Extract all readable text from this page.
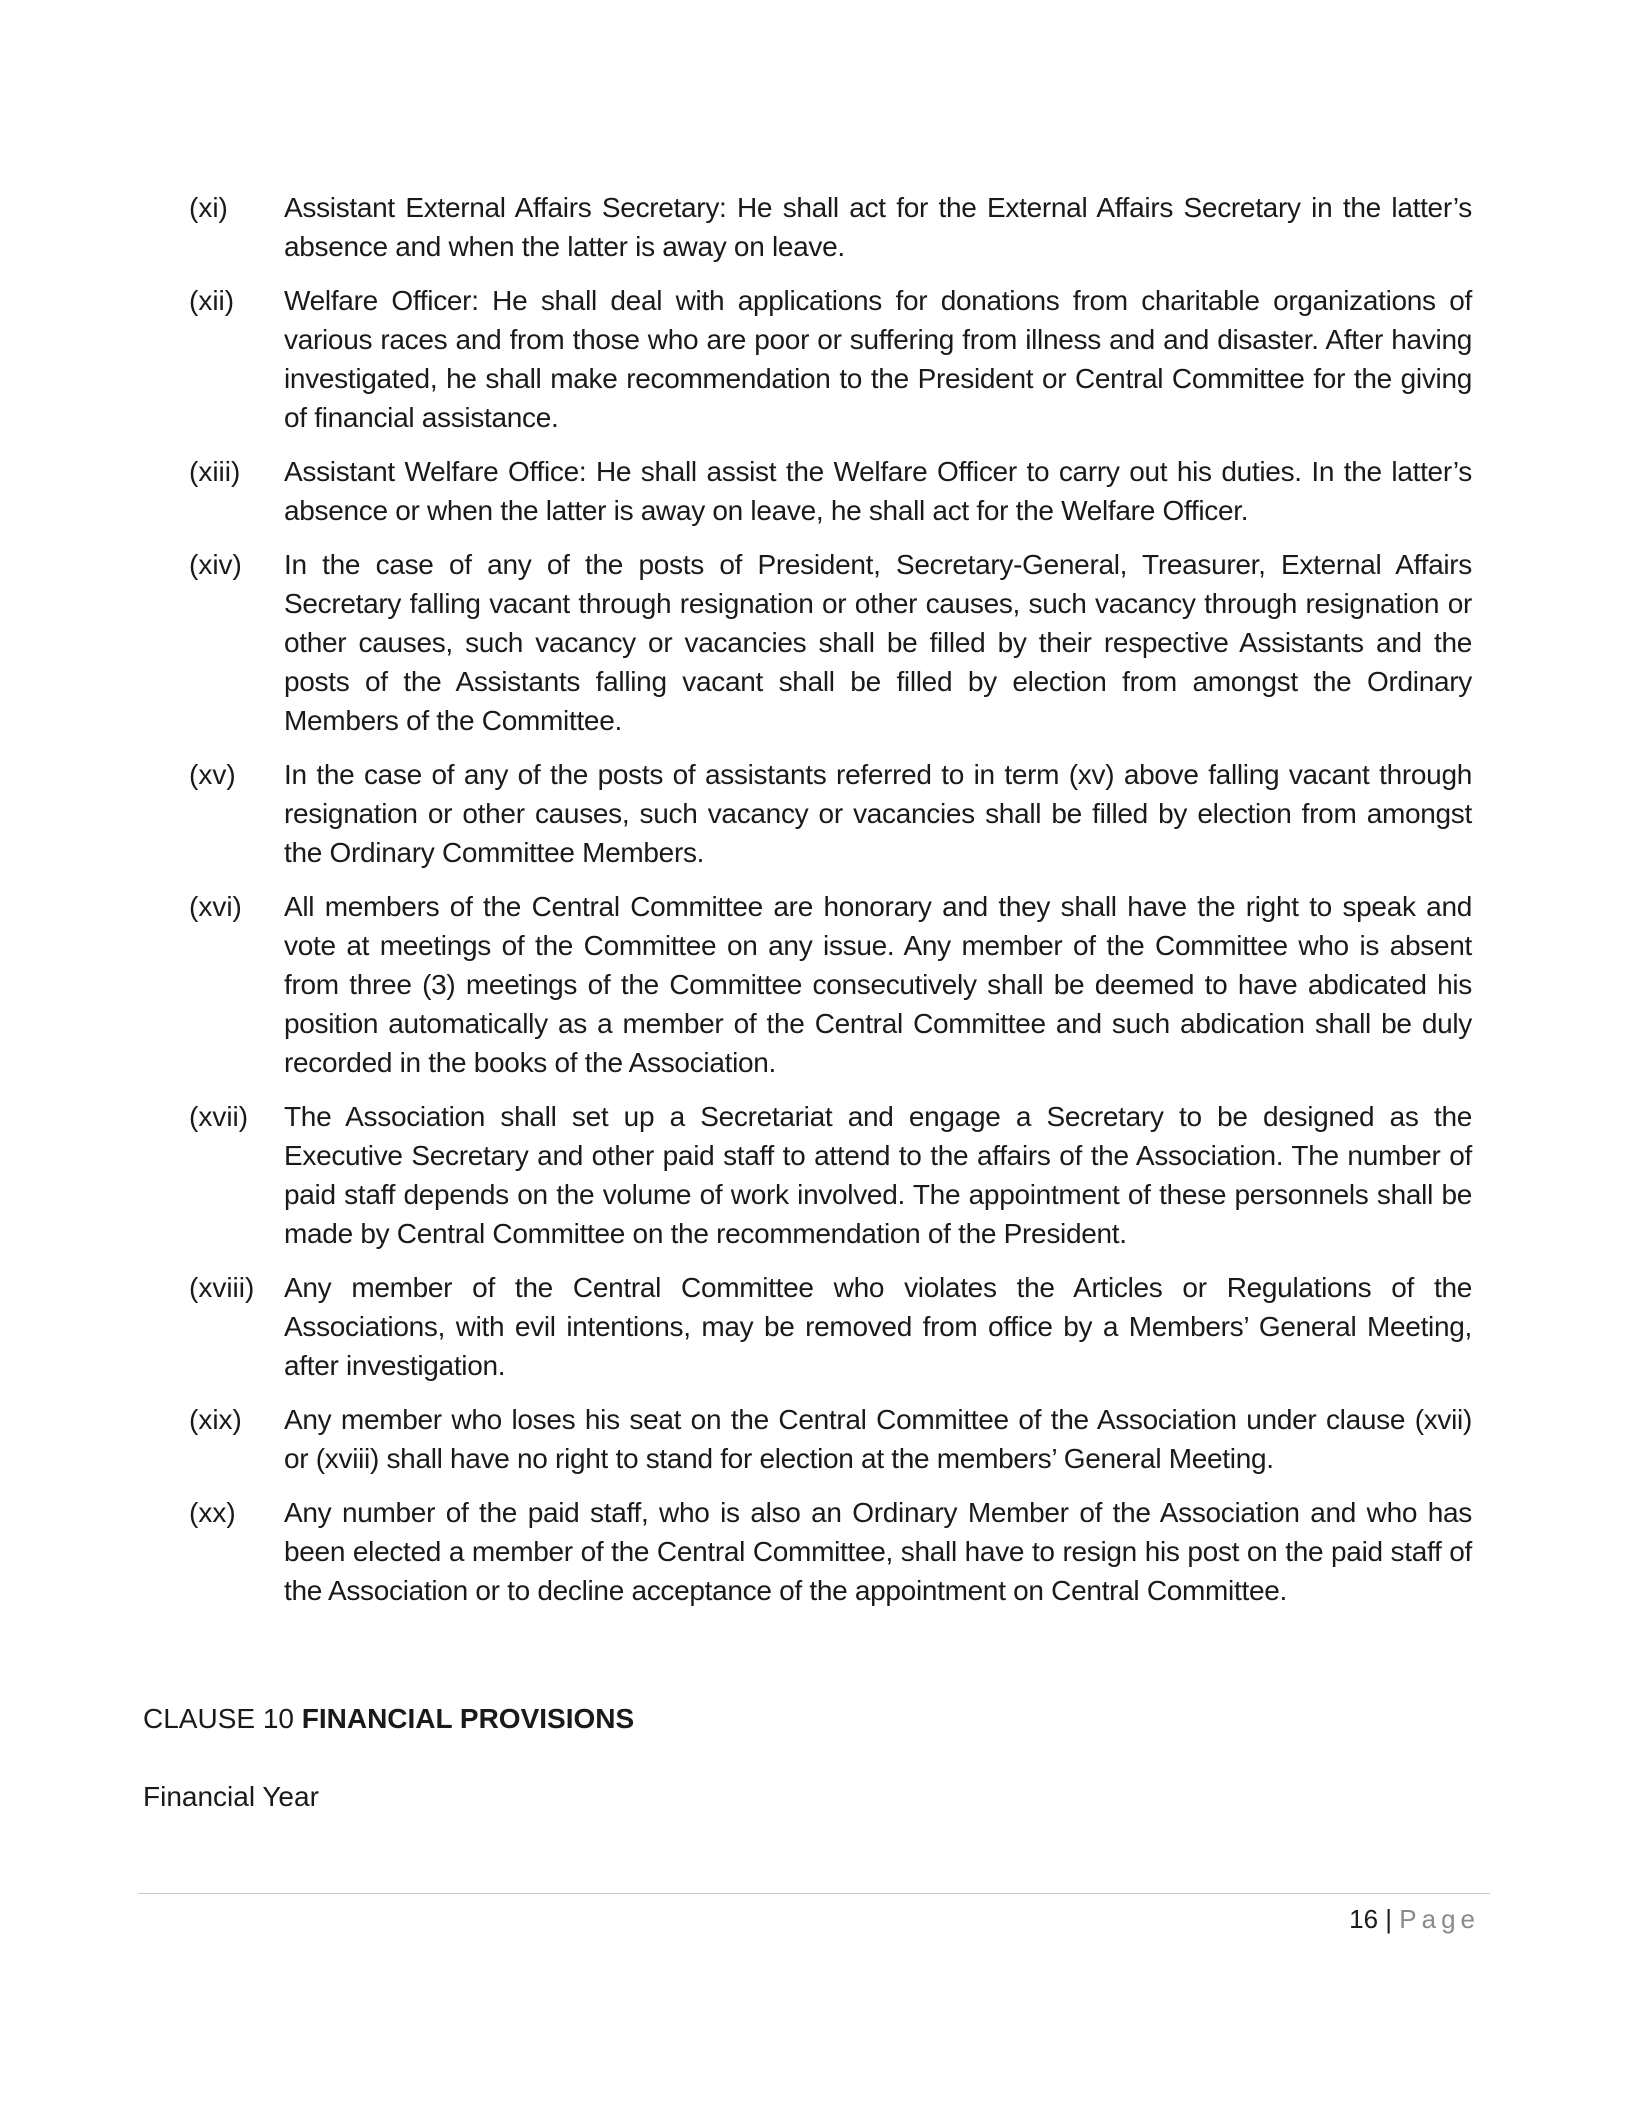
(xi)	Assistant External Affairs Secretary: He shall act for the External Affairs Secretary in the latter’s absence and when the latter is away on leave.
(xii)	Welfare Officer: He shall deal with applications for donations from charitable organizations of various races and from those who are poor or suffering from illness and and disaster. After having investigated, he shall make recommendation to the President or Central Committee for the giving of financial assistance.
(xiii)	Assistant Welfare Office: He shall assist the Welfare Officer to carry out his duties. In the latter’s absence or when the latter is away on leave, he shall act for the Welfare Officer.
(xiv)	In the case of any of the posts of President, Secretary-General, Treasurer, External Affairs Secretary falling vacant through resignation or other causes, such vacancy through resignation or other causes, such vacancy or vacancies shall be filled by their respective Assistants and the posts of the Assistants falling vacant shall be filled by election from amongst the Ordinary Members of the Committee.
(xv)	In the case of any of the posts of assistants referred to in term (xv) above falling vacant through resignation or other causes, such vacancy or vacancies shall be filled by election from amongst the Ordinary Committee Members.
(xvi)	All members of the Central Committee are honorary and they shall have the right to speak and vote at meetings of the Committee on any issue. Any member of the Committee who is absent from three (3) meetings of the Committee consecutively shall be deemed to have abdicated his position automatically as a member of the Central Committee and such abdication shall be duly recorded in the books of the Association.
(xvii)	The Association shall set up a Secretariat and engage a Secretary to be designed as the Executive Secretary and other paid staff to attend to the affairs of the Association. The number of paid staff depends on the volume of work involved. The appointment of these personnels shall be made by Central Committee on the recommendation of the President.
(xviii)	Any member of the Central Committee who violates the Articles or Regulations of the Associations, with evil intentions, may be removed from office by a Members’ General Meeting, after investigation.
(xix)	Any member who loses his seat on the Central Committee of the Association under clause (xvii) or (xviii) shall have no right to stand for election at the members’ General Meeting.
(xx)	Any number of the paid staff, who is also an Ordinary Member of the Association and who has been elected a member of the Central Committee, shall have to resign his post on the paid staff of the Association or to decline acceptance of the appointment on Central Committee.
CLAUSE 10 FINANCIAL PROVISIONS
Financial Year
16 | Page
